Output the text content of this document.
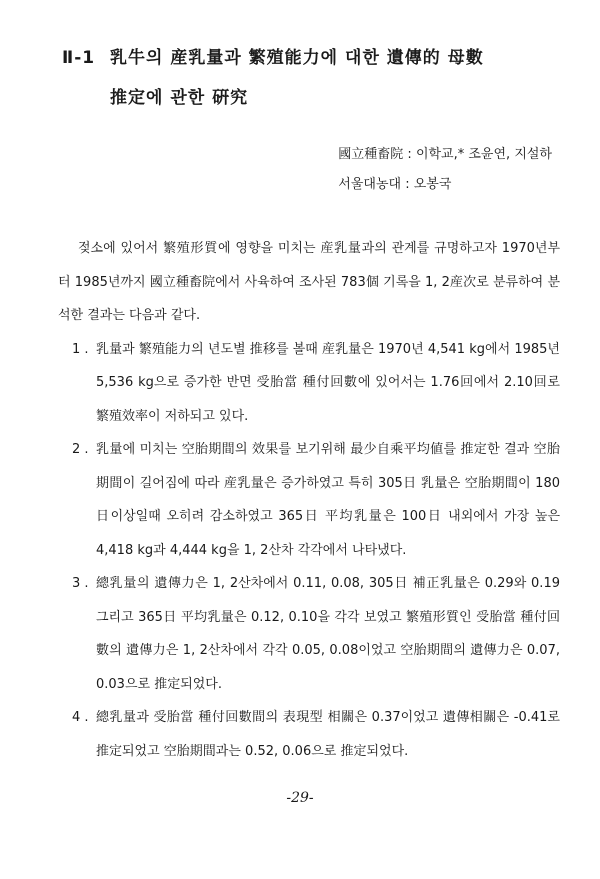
Ⅱ-1 乳牛의 産乳量과 繁殖能力에 대한 遺傳的 母數
推定에 관한 硏究
國立種畜院 : 이학교,* 조윤연, 지설하
서울대농대 : 오봉국

젖소에 있어서 繁殖形質에 영향을 미치는 産乳量과의 관계를 규명하고자 1970년부터 1985년까지 國立種畜院에서 사육하여 조사된 783個 기록을 1, 2産次로 분류하여 분석한 결과는 다음과 같다.

1 . 乳量과 繁殖能力의 년도별 推移를 볼때 産乳量은 1970년 4,541 kg에서 1985년 5,536 kg으로 증가한 반면 受胎當 種付回數에 있어서는 1.76回에서 2.10回로 繁殖效率이 저하되고 있다.
2 . 乳量에 미치는 空胎期間의 效果를 보기위해 最少自乘平均値를 推定한 결과 空胎期間이 길어짐에 따라 産乳量은 증가하였고 특히 305日 乳量은 空胎期間이 180日이상일때 오히려 감소하였고 365日 平均乳量은 100日 내외에서 가장 높은 4,418 kg과 4,444 kg을 1, 2산차 각각에서 나타냈다.
3 . 總乳量의 遺傳力은 1, 2산차에서 0.11, 0.08, 305日 補正乳量은 0.29와 0.19 그리고 365日 平均乳量은 0.12, 0.10을 각각 보였고 繁殖形質인 受胎當 種付回數의 遺傳力은 1, 2산차에서 각각 0.05, 0.08이었고 空胎期間의 遺傳力은 0.07, 0.03으로 推定되었다.
4 . 總乳量과 受胎當 種付回數間의 表現型 相關은 0.37이었고 遺傳相關은 -0.41로 推定되었고 空胎期間과는 0.52, 0.06으로 推定되었다.
-29-
